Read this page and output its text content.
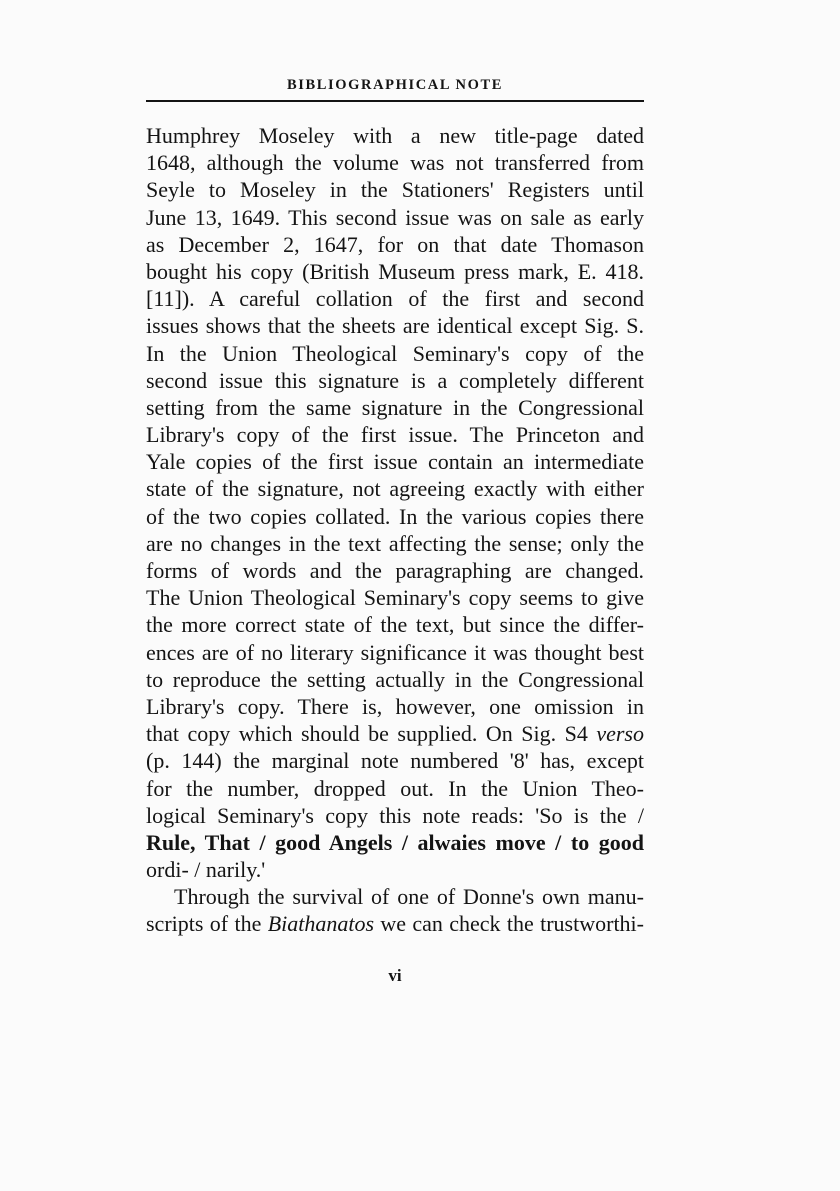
BIBLIOGRAPHICAL NOTE
Humphrey Moseley with a new title-page dated
1648, although the volume was not transferred from
Seyle to Moseley in the Stationers' Registers until
June 13, 1649. This second issue was on sale as early
as December 2, 1647, for on that date Thomason
bought his copy (British Museum press mark, E. 418.
[11]). A careful collation of the first and second
issues shows that the sheets are identical except Sig. S.
In the Union Theological Seminary's copy of the
second issue this signature is a completely different
setting from the same signature in the Congressional
Library's copy of the first issue. The Princeton and
Yale copies of the first issue contain an intermediate
state of the signature, not agreeing exactly with either
of the two copies collated. In the various copies there
are no changes in the text affecting the sense; only the
forms of words and the paragraphing are changed.
The Union Theological Seminary's copy seems to give
the more correct state of the text, but since the differ-
ences are of no literary significance it was thought best
to reproduce the setting actually in the Congressional
Library's copy. There is, however, one omission in
that copy which should be supplied. On Sig. S4 verso
(p. 144) the marginal note numbered '8' has, except
for the number, dropped out. In the Union Theo-
logical Seminary's copy this note reads: 'So is the /
Rule, That / good Angels / alwaies move / to good
ordi- / narily.'
Through the survival of one of Donne's own manu-
scripts of the Biathanatos we can check the trustworthi-
vi
